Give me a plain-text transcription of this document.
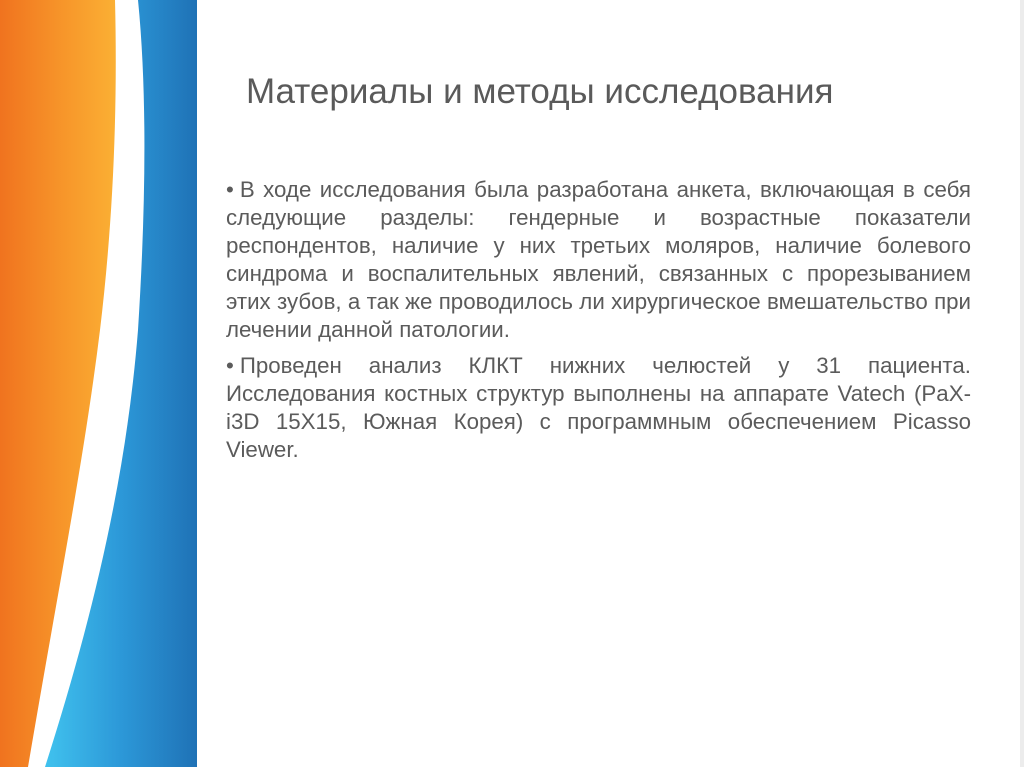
Материалы и методы исследования
• В ходе исследования была разработана анкета, включающая в себя следующие разделы: гендерные и возрастные показатели респондентов, наличие у них третьих моляров, наличие болевого синдрома и воспалительных явлений, связанных с прорезыванием этих зубов, а так же проводилось ли хирургическое вмешательство при лечении данной патологии.
• Проведен анализ КЛКТ нижних челюстей у 31 пациента. Исследования костных структур выполнены на аппарате Vatech (PaX-i3D 15X15, Южная Корея) с программным обеспечением Picasso Viewer.
